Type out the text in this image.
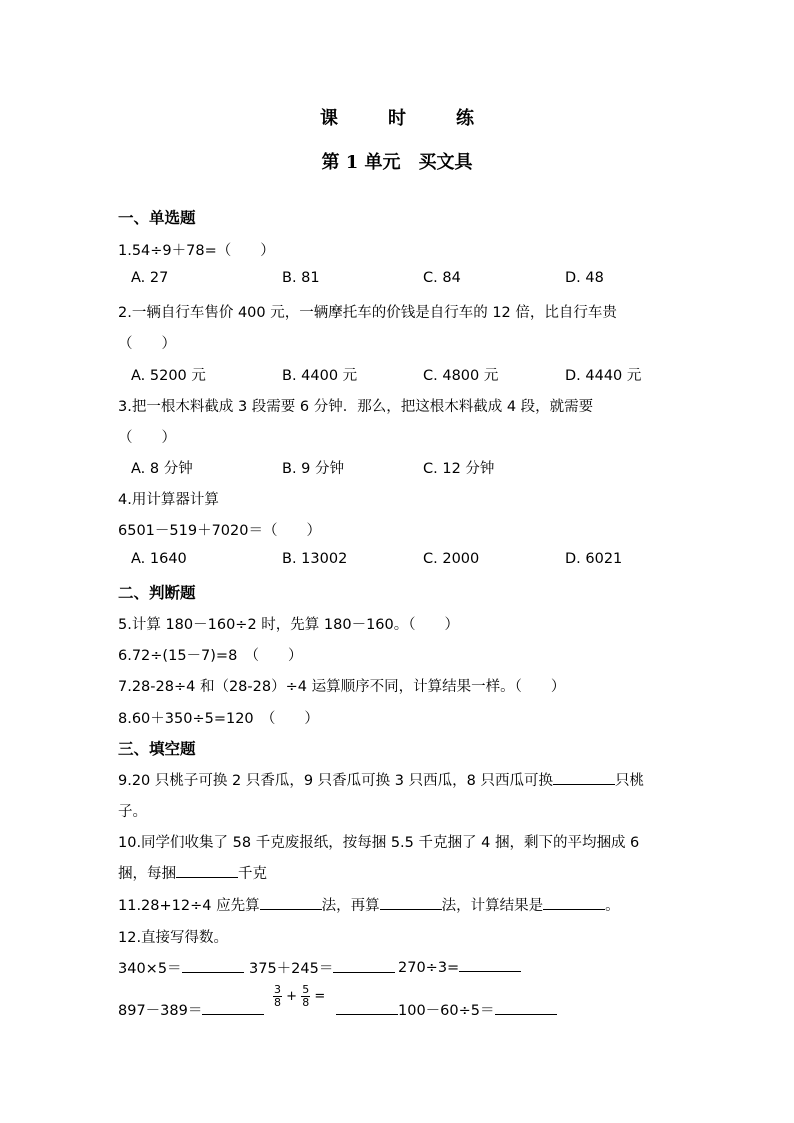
课　时　练
第 1 单元 买文具
一、单选题
1.54÷9＋78=（　　）
A. 27	B. 81	C. 84	D. 48
2.一辆自行车售价 400 元，一辆摩托车的价钱是自行车的 12 倍，比自行车贵
（　　）
A. 5200 元	B. 4400 元	C. 4800 元	D. 4440 元
3.把一根木料截成 3 段需要 6 分钟．那么，把这根木料截成 4 段，就需要
（　　）
A. 8 分钟	B. 9 分钟	C. 12 分钟
4.用计算器计算
6501－519＋7020＝（　　）
A. 1640	B. 13002	C. 2000	D. 6021
二、判断题
5.计算 180－160÷2 时，先算 180－160。（　　）
6.72÷(15－7)=8　（　　）
7.28-28÷4 和（28-28）÷4 运算顺序不同，计算结果一样。（　　）
8.60＋350÷5=120　（　　）
三、填空题
9.20 只桃子可换 2 只香瓜，9 只香瓜可换 3 只西瓜，8 只西瓜可换	只桃
子。
10.同学们收集了 58 千克废报纸，按每捆 5.5 千克捆了 4 捆，剩下的平均捆成 6
捆，每捆	千克
11.28+12÷4 应先算	法，再算	法，计算结果是	。
12.直接写得数。
340×5＝	375＋245＝	270÷3=
897－389＝
$\frac{3}{8} + \frac{5}{8}$ =
100－60÷5＝
